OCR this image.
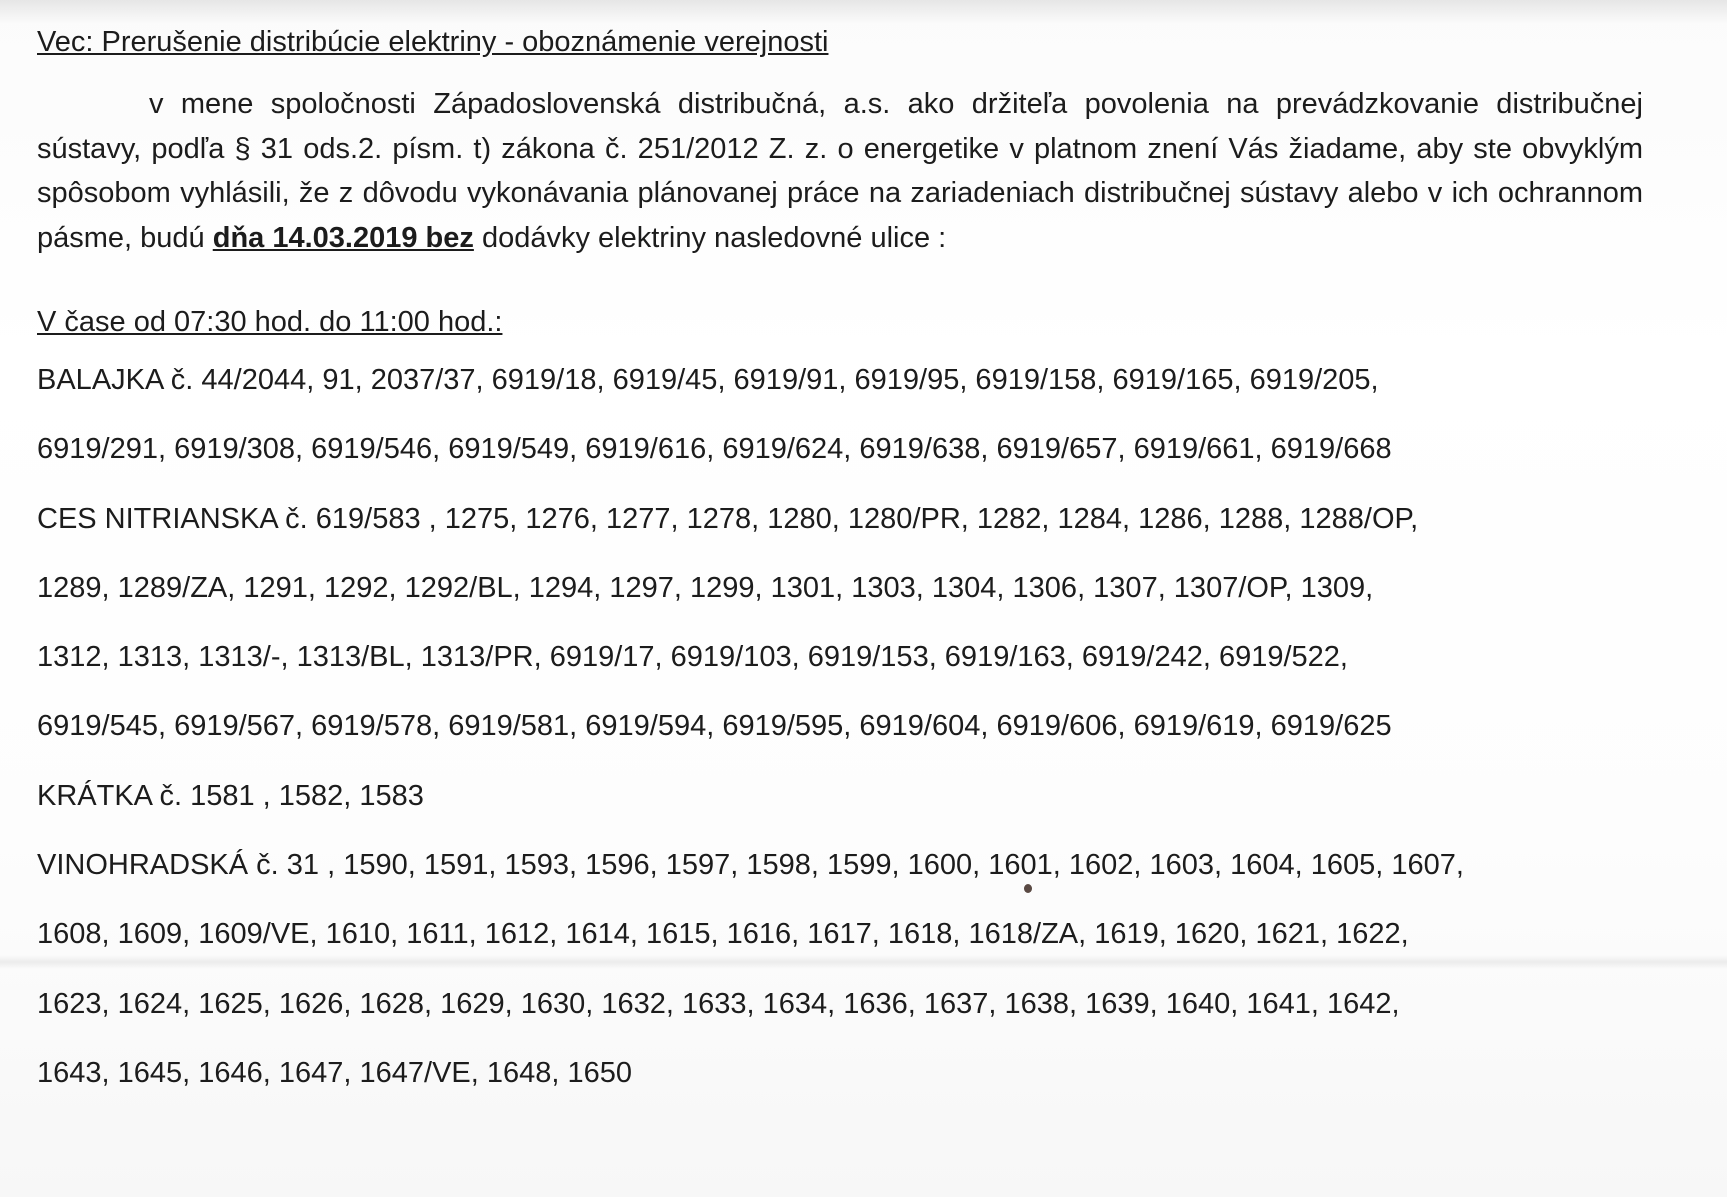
Vec: Prerušenie distribúcie elektriny - oboznámenie verejnosti

v mene spoločnosti Západoslovenská distribučná, a.s. ako držiteľa povolenia na prevádzkovanie distribučnej sústavy, podľa § 31 ods.2. písm. t) zákona č. 251/2012 Z. z. o energetike v platnom znení Vás žiadame, aby ste obvyklým spôsobom vyhlásili, že z dôvodu vykonávania plánovanej práce na zariadeniach distribučnej sústavy alebo v ich ochrannom pásme, budú dňa 14.03.2019 bez dodávky elektriny nasledovné ulice :

V čase od 07:30 hod. do 11:00 hod.:

BALAJKA č. 44/2044, 91, 2037/37, 6919/18, 6919/45, 6919/91, 6919/95, 6919/158, 6919/165, 6919/205,
6919/291, 6919/308, 6919/546, 6919/549, 6919/616, 6919/624, 6919/638, 6919/657, 6919/661, 6919/668
CES NITRIANSKA č. 619/583 , 1275, 1276, 1277, 1278, 1280, 1280/PR, 1282, 1284, 1286, 1288, 1288/OP,
1289, 1289/ZA, 1291, 1292, 1292/BL, 1294, 1297, 1299, 1301, 1303, 1304, 1306, 1307, 1307/OP, 1309,
1312, 1313, 1313/-, 1313/BL, 1313/PR, 6919/17, 6919/103, 6919/153, 6919/163, 6919/242, 6919/522,
6919/545, 6919/567, 6919/578, 6919/581, 6919/594, 6919/595, 6919/604, 6919/606, 6919/619, 6919/625
KRÁTKA č. 1581 , 1582, 1583
VINOHRADSKÁ č. 31 , 1590, 1591, 1593, 1596, 1597, 1598, 1599, 1600, 1601, 1602, 1603, 1604, 1605, 1607,
1608, 1609, 1609/VE, 1610, 1611, 1612, 1614, 1615, 1616, 1617, 1618, 1618/ZA, 1619, 1620, 1621, 1622,
1623, 1624, 1625, 1626, 1628, 1629, 1630, 1632, 1633, 1634, 1636, 1637, 1638, 1639, 1640, 1641, 1642,
1643, 1645, 1646, 1647, 1647/VE, 1648, 1650
